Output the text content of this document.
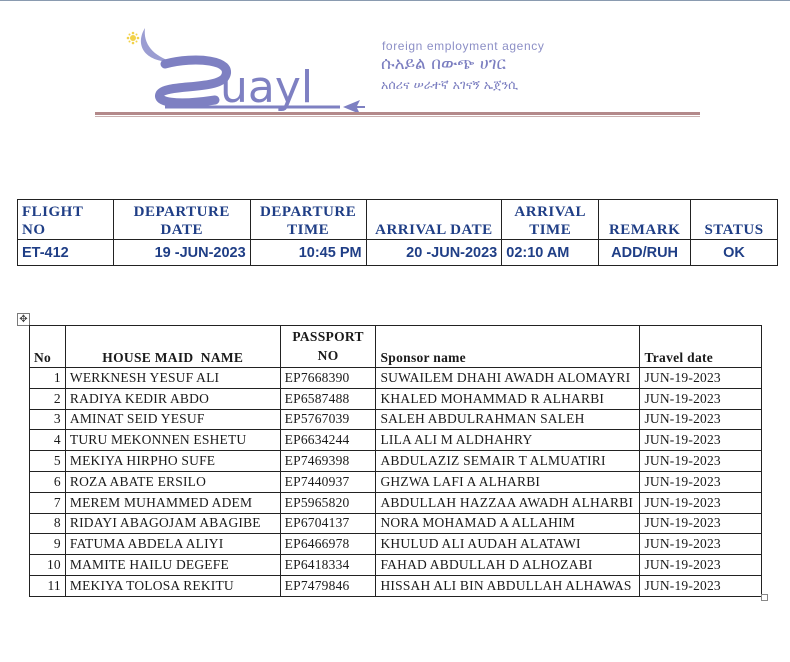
uayl
foreign employment agency
ሱአይል በውጭ ሀገር
አሰሪና ሠራተኛ አገናኝ ኤጀንሲ
FLIGHT NO	DEPARTURE DATE	DEPARTURE TIME	ARRIVAL DATE	ARRIVAL TIME	REMARK	STATUS
ET-412	19 -JUN-2023	10:45 PM	20 -JUN-2023	02:10 AM	ADD/RUH	OK
✥
No	HOUSE MAID  NAME	PASSPORT NO	Sponsor name	Travel date
1	WERKNESH YESUF ALI	EP7668390	SUWAILEM DHAHI AWADH ALOMAYRI	JUN-19-2023
2	RADIYA KEDIR ABDO	EP6587488	KHALED MOHAMMAD R ALHARBI	JUN-19-2023
3	AMINAT SEID YESUF	EP5767039	SALEH ABDULRAHMAN SALEH	JUN-19-2023
4	TURU MEKONNEN ESHETU	EP6634244	LILA ALI M ALDHAHRY	JUN-19-2023
5	MEKIYA HIRPHO SUFE	EP7469398	ABDULAZIZ SEMAIR T ALMUATIRI	JUN-19-2023
6	ROZA ABATE ERSILO	EP7440937	GHZWA LAFI A ALHARBI	JUN-19-2023
7	MEREM MUHAMMED ADEM	EP5965820	ABDULLAH HAZZAA AWADH ALHARBI	JUN-19-2023
8	RIDAYI ABAGOJAM ABAGIBE	EP6704137	NORA MOHAMAD A ALLAHIM	JUN-19-2023
9	FATUMA ABDELA ALIYI	EP6466978	KHULUD ALI AUDAH ALATAWI	JUN-19-2023
10	MAMITE HAILU DEGEFE	EP6418334	FAHAD ABDULLAH D ALHOZABI	JUN-19-2023
11	MEKIYA TOLOSA REKITU	EP7479846	HISSAH ALI BIN ABDULLAH ALHAWAS	JUN-19-2023
